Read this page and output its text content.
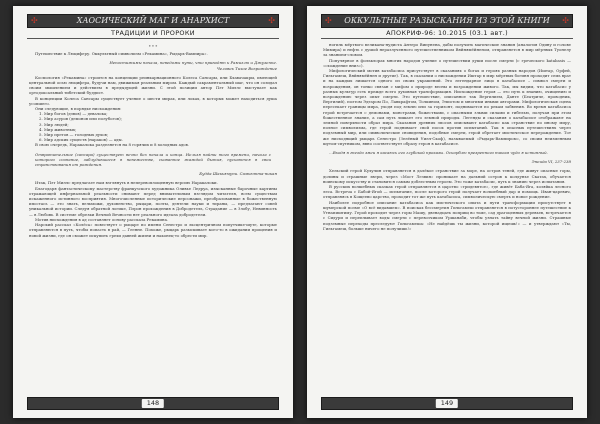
✣	ХАОСИЧЕСКИЙ МАГ И АНАРХИСТ	✣
ТРАДИЦИИ И ПРОРОКИ

* * *

Путешествие к Люциферу. Оккультный символизм «Рекамина», Рыдарь-Вампира».

Непостижимы начала, неведомы пути, что приводят к Рамиэлю и Джузеппе.

Человек Тихое Возрождение

Космология «Рекамина» строится на концепции реинкарнационного Колеса Сансары, или Бхавачакры, имеющей центральной осью люцифера, будучи нам, движимая реальным миром. Каждый сакраментальный шаг, что он созидал своим мышлением и действием в предыдущей жизни. С этой позиции автор Пэт Миллс выступает как ортодоксальный тибетский буддист.

В концепции Колеса Сансары существует учение о шести мирах, или локах, в которых может находиться душа усопшего.

Они следующие, в порядке нисхождения:

1. Мир богов (дэвов) — девалока;
2. Мир асуров (демонов или полубогов);
3. Мир людей;
4. Мир животных;
5. Мир претов — голодных духов;
6. Мир адских существ (нараков) — ады.

В свою очередь, Наракалока разделяется на 8 горячих и 8 холодных адов.

Отвратительное (сансара) существует вечно без начала и конца. Нельзя найти того времени, начала с которого сознание, заблудившееся в невежестве, скованное жаждой бытия, пускаются в свои странствования от рождения.

Будда Шакьямуни. Самьютта-никая

Итак, Пэт Миллс предлагает нам взглянуть в неперевоплощенную версию Наракалоки.

Благодаря фантастическому мастерству французского художника Оливье Ледруа, изысканные барочные картины отражающей инфернальной реальности снимают перед внимательным взглядом читателя, всем существам искаженного истинного восприятия. Многочисленные исторические персонажи, преобразованные в божественную ипостась — это знать, вельможи, духовенство, рыцари, поэты, деятели науки и тираны, — предлагают совей уникальной истории. Следуя обратной логике, Пэрон прохождения в Добродетель, Страдание — в Злобу, Невинность — в Любовь. В системе обрезки Вечной Вечности нет реального идеала добродетели.

Мотив нисхождения в ад составляет основу рассказа Рекамина.

Нарский рассказ «Колёса» повествует о рыцаре по имени Сенестро и эксцентричном попутчике-шуте, которые отправляются в путь, чтобы попасть в рай, — Геенне. Похоже, рыцарь разыскивает кого-то в ожидании прощения и новой жизни, где он сможет искупить грехи давней жизни и наконец-то обрести мир.

148
✣ ОККУЛЬТНЫЕ РАЗЫСКАНИЯ ИЗ ЭТОЙ КНИГИ ✣
АПОКРИФ-96: 10.2015 (03.1 авт.)

ногиль мёртвого великана-нудиста Антеро Випунена, дабы получить магические знания (аналогия Одину и голове Мимира) и нефть с душой неразлученного путешественником Вяйнямёйненом, отправляется в мир мёртвых Туонелу за знанием-словом.

Популярное в фольклорах многих народов учение о путешествии души после смерти (с греческого katabasis — «схождение вниз»).

Мифологический мотив катабасиса присутствует в сказаниях о богах и героях разных народов (Иштар, Орфей, Гильгамеш, Вяйнямёйнен и другие). Так, в сказании о нисхождении Иштар в мир мёртвых богиня проходит семь врат и на каждых лишается одного из своих украшений. Это легендарное лицо в катабасисе – символ смерти и возрождения, он тонко связан с мифом о природе весны и возрождении живого. Так, мы видим, что катабасис у разных культур есть прежде всего духовная трансформация. Нисхождение героя — это путь к знанию, очищению и возрождению через опыт смерти. Это путешествие, описанное так Вергилием, Данте (Беатриче, проводник, Вергилий), поэтом Эдгаром По, Лавкрафтом, Толкином, Элиотом и многими иными авторами. Мифологическая сцена пересекает границы мира, уходя под землю или за горизонт, поднимается по рекам забвения. Во время катабасиса герой встречается с демонами, монстрами, божествами, с опасными злыми силами и гибелью, получая при этом божественное знание, а сам путь лишает его земной природы. Легенды и сказания о катабасисе отображают на земной поверхности образ мира. Сказания древних эпосов описывают катабасис как странствие по иному миру, полное символизма, где герой поднимает свой посох против испытаний. Так в опасных путешествиях через подземный мир, или символические сновидения, подобные смерти, герой обретает мистическое перерождение. Тот же нисходящий рыцарь Сенестро (Зелёный Уилл-Скоф), называемый «Рыдарь-Вампиром», со своим неизменным шутом-спутником, явно соответствует образу героя в катабасисе.

…Входя в гнездо змеи я касаюсь его глубокой проказы. Оскорблю презренного таким чудо я истинный.

Энеида VI, 237-238

Хельский герой Кухулин отправляется в далёкое странствие за море, на остров теней, где живут опасные горы, долины и страшные звери, через «Мост Лезвия» проникает на дальний остров к колдунье Скатах, обучается воинскому искусству и становится самым доблестным героем. Это тоже катабасис, путь к знанию через испытания.

В русских волшебных сказках герой отправляется в царство «тридевятое», где живёт Баба-Яга, хозяйка лесного леса. Встреча с Бабой-Ягой — испытание, после которого герой получает волшебный дар и помощь. Иван-царевич, отправляясь в Кощеево царство, проходит тот же путь катабасиса, символическую смерть и новое рождение.

Наиболее подробное описание катабасиса как мистического опыта и пути трансформации присутствует в шумерской поэме «О всё видавшем». В поисках бессмертия Гильгамеш отправляется в потустороннее путешествие к Утнапиштиму. Герой проходит через горы Машу, двенадцать поприщ во тьме, сад драгоценных деревьев, встречается с Сидури и переплывает воды смерти с перевозчиком Уршанаби, чтобы узнать тайну вечной жизни. Страшные подземные переходы преследуют Гильгамеша: «Не найдёшь ты жизни, которой ищешь!» — и утверждают «Ты, Гильгамеш, больше ничего не получишь!»

149
